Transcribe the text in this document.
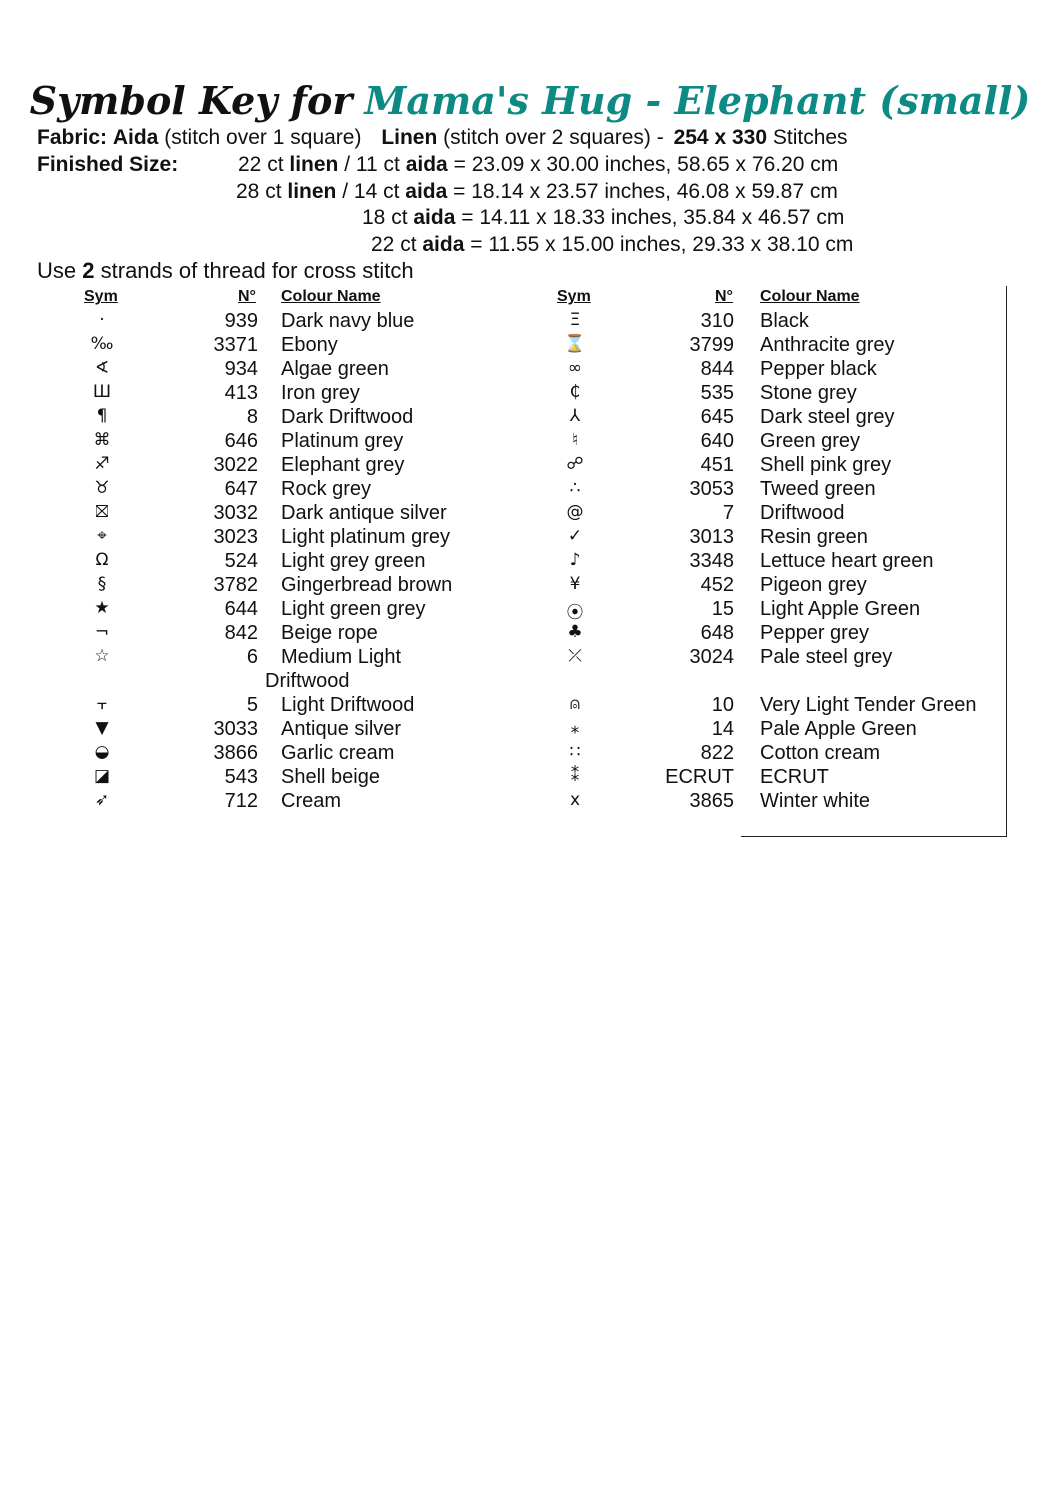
Symbol Key for Mama's Hug - Elephant (small)
Fabric: Aida (stitch over 1 square) Linen (stitch over 2 squares) - 254 x 330 Stitches
Finished Size:	22 ct linen / 11 ct aida = 23.09 x 30.00 inches, 58.65 x 76.20 cm
28 ct linen / 14 ct aida = 18.14 x 23.57 inches, 46.08 x 59.87 cm
18 ct aida = 14.11 x 18.33 inches, 35.84 x 46.57 cm
22 ct aida = 11.55 x 15.00 inches, 29.33 x 38.10 cm
Use 2 strands of thread for cross stitch
Sym	N° Colour Name
·	939 Dark navy blue
‰	3371 Ebony
∢	934 Algae green
Ш	413 Iron grey
¶	8 Dark Driftwood
⌘	646 Platinum grey
♐	3022 Elephant grey
♉	647 Rock grey
⛝	3032 Dark antique silver
⌖	3023 Light platinum grey
Ω	524 Light grey green
§	3782 Gingerbread brown
★	644 Light green grey
¬	842 Beige rope
☆	6 Medium Light
Driftwood
⫟	5 Light Driftwood
▼	3033 Antique silver
◒	3866 Garlic cream
◪	543 Shell beige
➶	712 Cream
Sym	N° Colour Name
Ξ	310 Black
⌛	3799 Anthracite grey
∞	844 Pepper black
₵	535 Stone grey
⅄	645 Dark steel grey
♮	640 Green grey
☍	451 Shell pink grey
∴	3053 Tweed green
@	7 Driftwood
✓	3013 Resin green
♪	3348 Lettuce heart green
¥	452 Pigeon grey
⦿	15 Light Apple Green
♣	648 Pepper grey
⤫	3024 Pale steel grey
⍝	10 Very Light Tender Green
⁎	14 Pale Apple Green
∷	822 Cotton cream
⁑	ECRUT ECRUT
x	3865 Winter white
